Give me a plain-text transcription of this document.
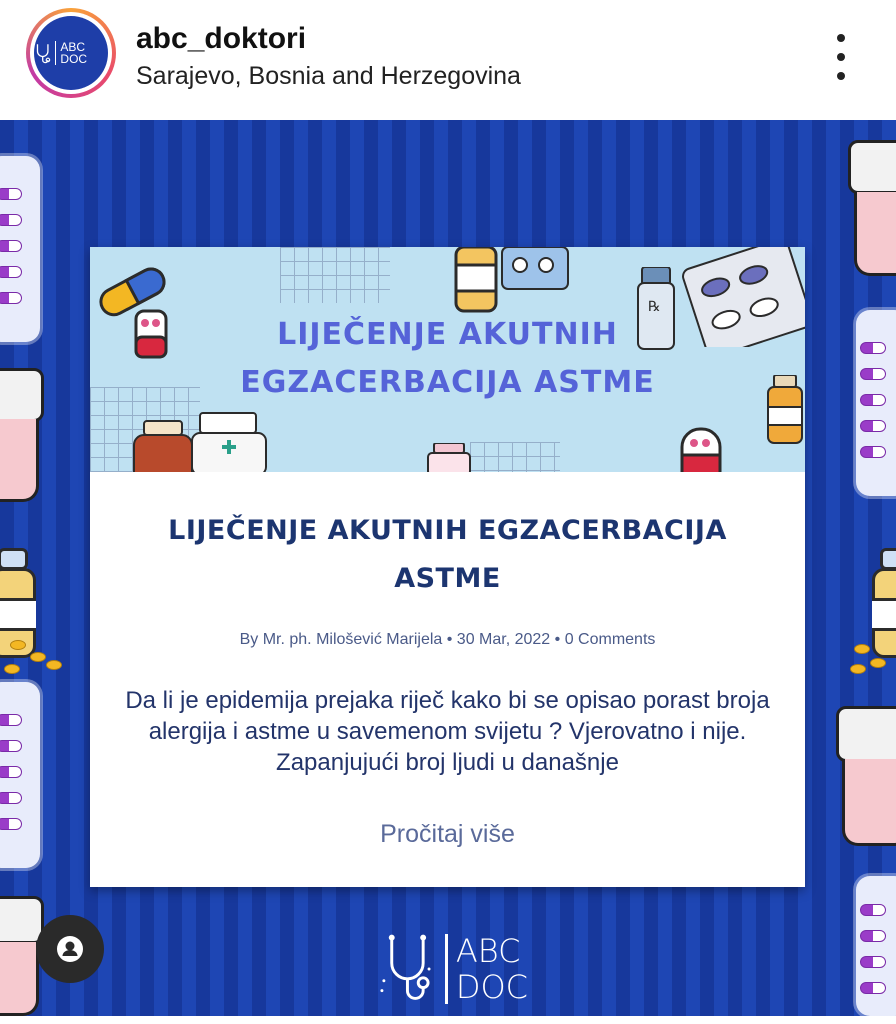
ABC DOC
abc_doktori
Sarajevo, Bosnia and Herzegovina
℞
LIJEČENJE AKUTNIH
EGZACERBACIJA ASTME
LIJEČENJE AKUTNIH EGZACERBACIJA ASTME
By Mr. ph. Milošević Marijela • 30 Mar, 2022 • 0 Comments
Da li je epidemija prejaka riječ kako bi se opisao porast broja alergija i astme u savemenom svijetu ? Vjerovatno i nije. Zapanjujući broj ljudi u današnje
Pročitaj više
ABC
DOC
